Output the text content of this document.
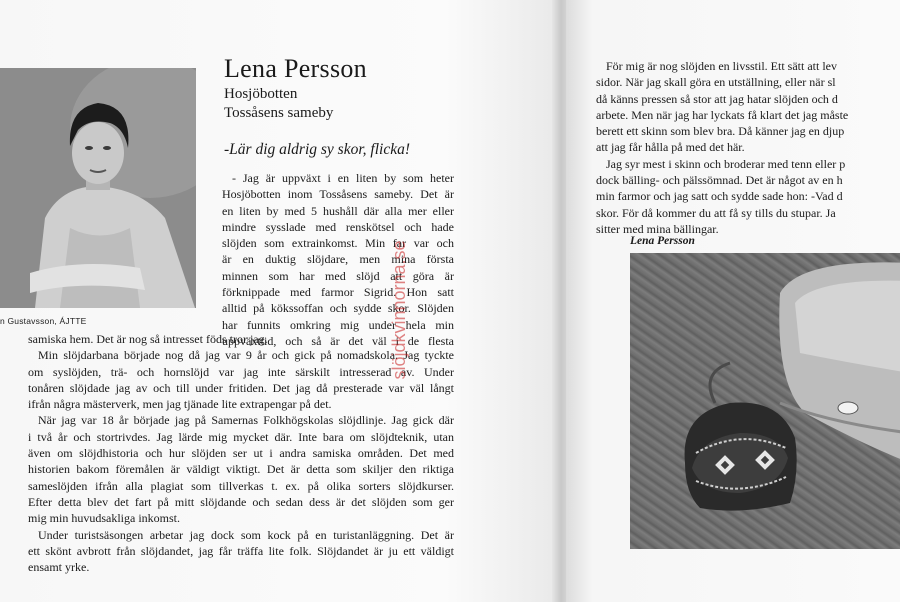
n Gustavsson, ÁJTTE
Lena Persson
Hosjöbotten
Tossåsens sameby
-Lär dig aldrig sy skor, flicka!

- Jag är uppväxt i en liten by som heter

Hosjöbotten inom Tossåsens sameby. Det är

en liten by med 5 hushåll där alla mer eller

mindre sysslade med renskötsel och hade

slöjden som extrainkomst. Min far var och

är en duktig slöjdare, men mina första

minnen som har med slöjd att göra är

förknippade med farmor Sigrid. Hon satt

alltid på kökssoffan och sydde skor. Slöjden

har funnits omkring mig under hela min

uppväxttid, och så är det väl i de flesta

samiska hem. Det är nog så intresset föds tror jag.

Min slöjdarbana började nog då jag var 9 år och gick på nomadskola. Jag tyckte

om syslöjden, trä- och hornslöjd var jag inte särskilt intresserad av. Under

tonåren slöjdade jag av och till under fritiden. Det jag då presterade var väl långt

ifrån några mästerverk, men jag tjänade lite extrapengar på det.

När jag var 18 år började jag på Samernas Folkhögskolas slöjdlinje. Jag gick där

i två år och stortrivdes. Jag lärde mig mycket där. Inte bara om slöjdteknik, utan

även om slöjdhistoria och hur slöjden ser ut i andra samiska områden. Det med

historien bakom föremålen är väldigt viktigt. Det är detta som skiljer den riktiga

sameslöjden ifrån alla plagiat som tillverkas t. ex. på olika sorters slöjdkurser.

Efter detta blev det fart på mitt slöjdande och sedan dess är det slöjden som ger

mig min huvudsakliga inkomst.

Under turistsäsongen arbetar jag dock som kock på en turistanläggning. Det är

ett skönt avbrott från slöjdandet, jag får träffa lite folk. Slöjdandet är ju ett väldigt

ensamt yrke.

slöjdkvinnorna.se

För mig är nog slöjden en livsstil. Ett sätt att lev

sidor. När jag skall göra en utställning, eller när sl

då känns pressen så stor att jag hatar slöjden och d

arbete. Men när jag har lyckats få klart det jag måste

berett ett skinn som blev bra. Då känner jag en djup

att jag får hålla på med det här.

Jag syr mest i skinn och broderar med tenn eller p

dock bälling- och pälssömnad. Det är något av en h

min farmor och jag satt och sydde sade hon: -Vad d

skor. För då kommer du att få sy tills du stupar. Ja

sitter med mina bällingar.

Lena Persson
